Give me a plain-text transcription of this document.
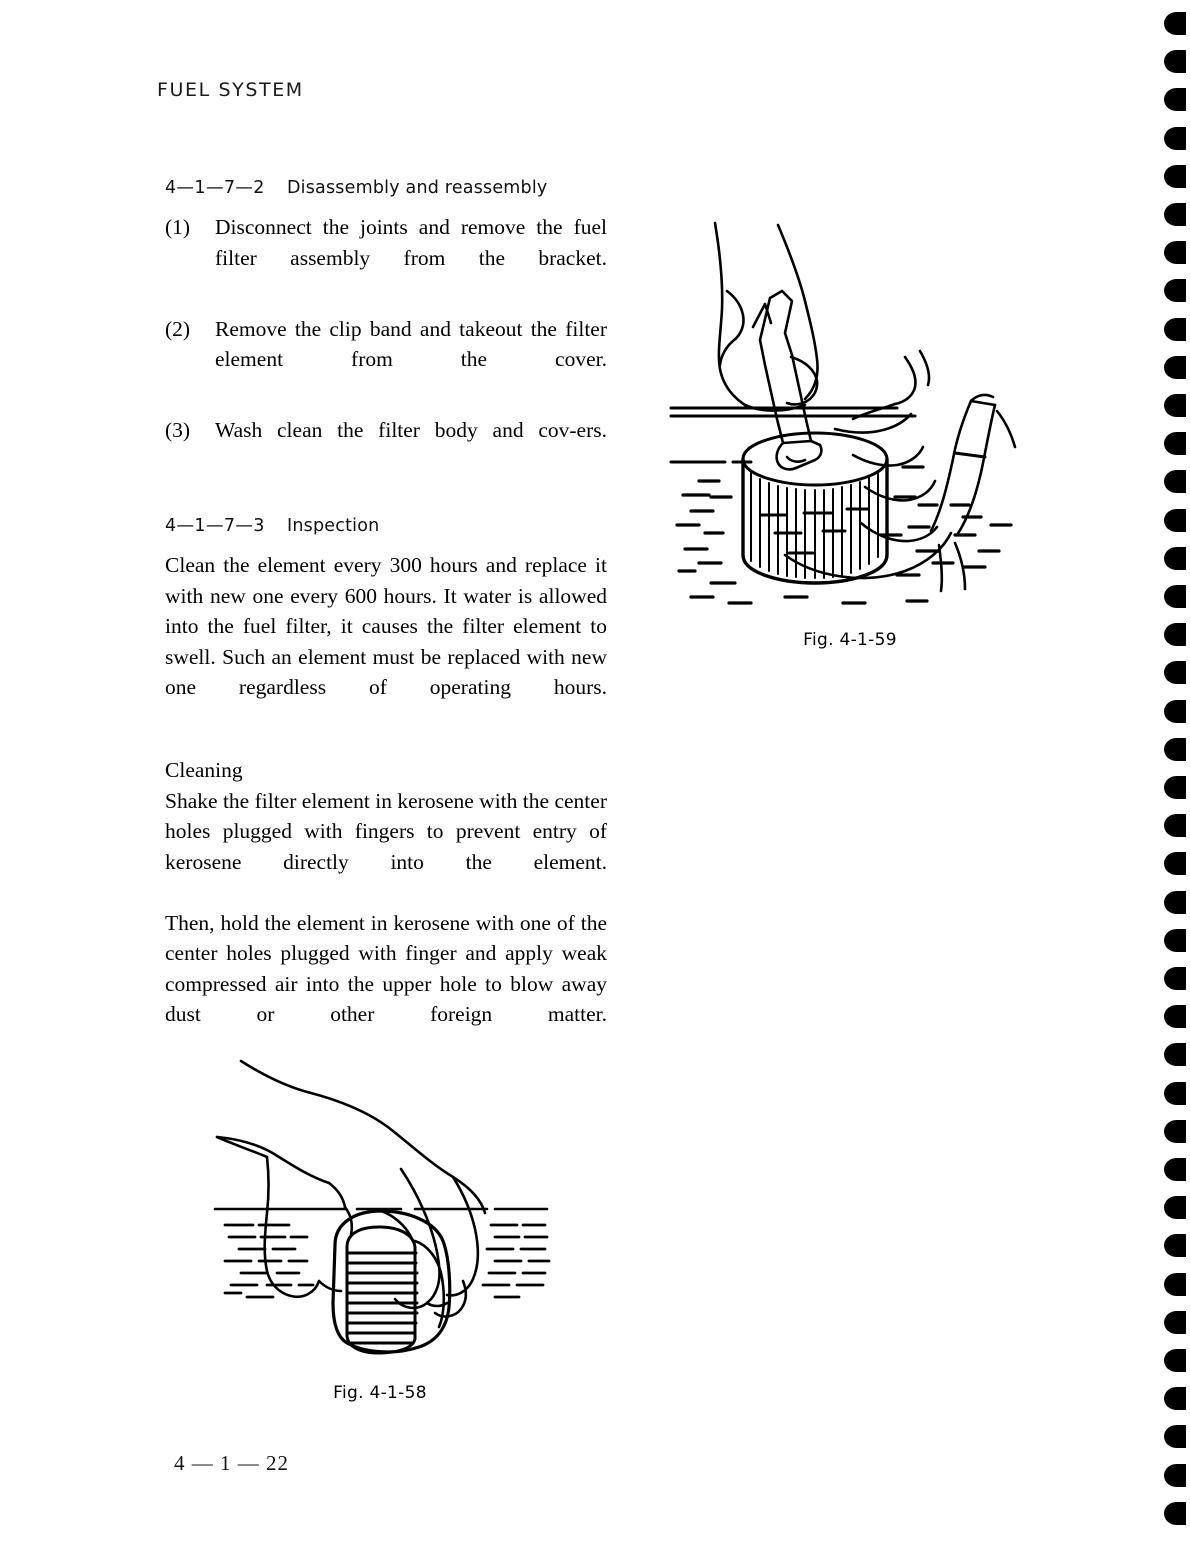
FUEL SYSTEM
4—1—7—2	Disassembly and reassembly
(1)	Disconnect the joints and remove the fuel filter assembly from the bracket.
(2)	Remove the clip band and takeout the filter element from the cover.
(3)	Wash clean the filter body and cov-ers.
4—1—7—3	Inspection

Clean the element every 300 hours and replace it with new one every 600 hours. It water is allowed into the fuel filter, it causes the filter element to swell. Such an element must be replaced with new one regardless of operating hours.

Cleaning

Shake the filter element in kerosene with the center holes plugged with fingers to prevent entry of kerosene directly into the element.

Then, hold the element in kerosene with one of the center holes plugged with finger and apply weak compressed air into the upper hole to blow away dust or other foreign matter.

Fig. 4-1-59
Fig. 4-1-58
4 — 1 — 22
